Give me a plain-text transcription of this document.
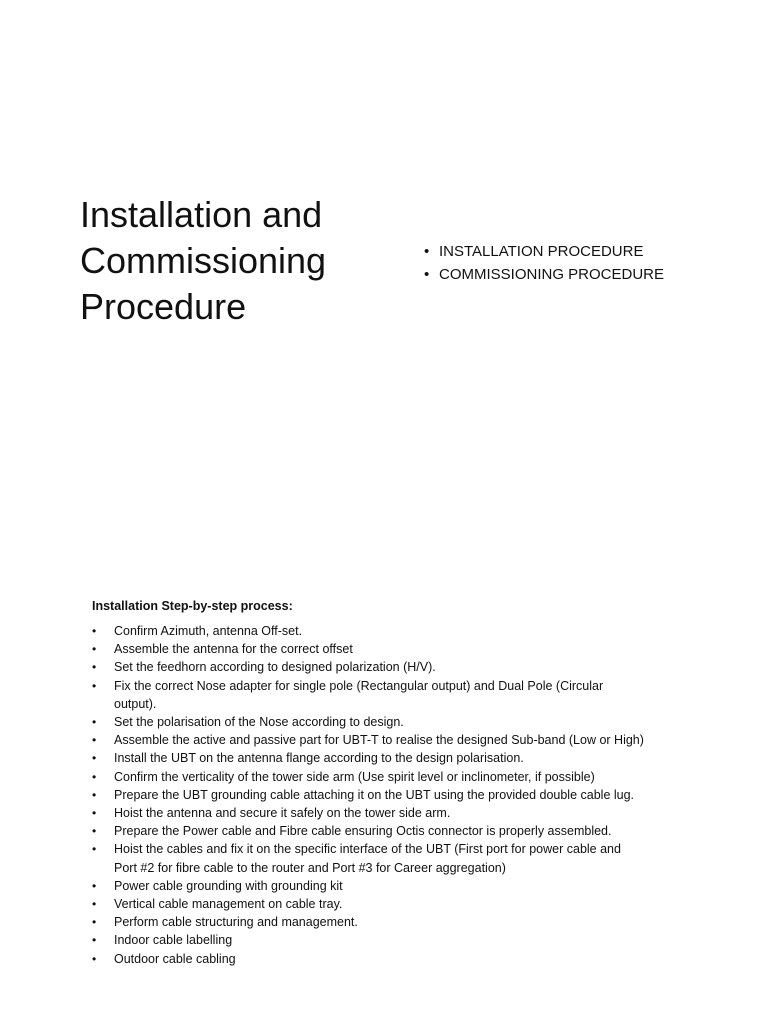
Installation and
Commissioning
Procedure
• INSTALLATION PROCEDURE
• COMMISSIONING PROCEDURE

Installation Step-by-step process:

• Confirm Azimuth, antenna Off-set.
• Assemble the antenna for the correct offset
• Set the feedhorn according to designed polarization (H/V).
• Fix the correct Nose adapter for single pole (Rectangular output) and Dual Pole (Circular
output).
• Set the polarisation of the Nose according to design.
• Assemble the active and passive part for UBT-T to realise the designed Sub-band (Low or High)
• Install the UBT on the antenna flange according to the design polarisation.
• Confirm the verticality of the tower side arm (Use spirit level or inclinometer, if possible)
• Prepare the UBT grounding cable attaching it on the UBT using the provided double cable lug.
• Hoist the antenna and secure it safely on the tower side arm.
• Prepare the Power cable and Fibre cable ensuring Octis connector is properly assembled.
• Hoist the cables and fix it on the specific interface of the UBT (First port for power cable and
Port #2 for fibre cable to the router and Port #3 for Career aggregation)
• Power cable grounding with grounding kit
• Vertical cable management on cable tray.
• Perform cable structuring and management.
• Indoor cable labelling
• Outdoor cable cabling
